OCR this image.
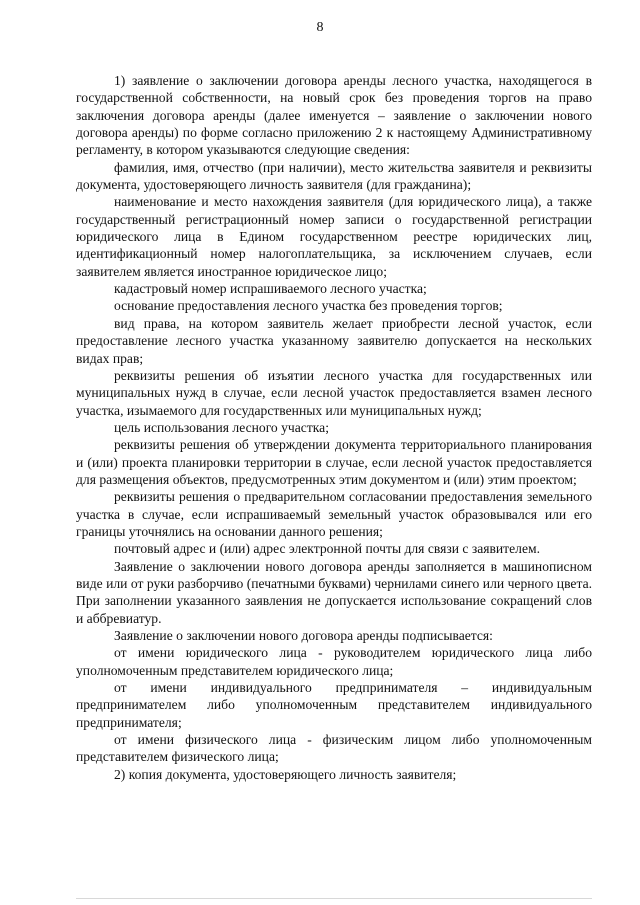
8

1) заявление о заключении договора аренды лесного участка, находящегося в государственной собственности, на новый срок без проведения торгов на право заключения договора аренды (далее именуется – заявление о заключении нового договора аренды) по форме согласно приложению 2 к настоящему Административному регламенту, в котором указываются следующие сведения:

фамилия, имя, отчество (при наличии), место жительства заявителя и реквизиты документа, удостоверяющего личность заявителя (для гражданина);

наименование и место нахождения заявителя (для юридического лица), а также государственный регистрационный номер записи о государственной регистрации юридического лица в Едином государственном реестре юридических лиц, идентификационный номер налогоплательщика, за исключением случаев, если заявителем является иностранное юридическое лицо;

кадастровый номер испрашиваемого лесного участка;

основание предоставления лесного участка без проведения торгов;

вид права, на котором заявитель желает приобрести лесной участок, если предоставление лесного участка указанному заявителю допускается на нескольких видах прав;

реквизиты решения об изъятии лесного участка для государственных или муниципальных нужд в случае, если лесной участок предоставляется взамен лесного участка, изымаемого для государственных или муниципальных нужд;

цель использования лесного участка;

реквизиты решения об утверждении документа территориального планирования и (или) проекта планировки территории в случае, если лесной участок предоставляется для размещения объектов, предусмотренных этим документом и (или) этим проектом;

реквизиты решения о предварительном согласовании предоставления земельного участка в случае, если испрашиваемый земельный участок образовывался или его границы уточнялись на основании данного решения;

почтовый адрес и (или) адрес электронной почты для связи с заявителем.

Заявление о заключении нового договора аренды заполняется в машинописном виде или от руки разборчиво (печатными буквами) чернилами синего или черного цвета. При заполнении указанного заявления не допускается использование сокращений слов и аббревиатур.

Заявление о заключении нового договора аренды подписывается:

от имени юридического лица - руководителем юридического лица либо уполномоченным представителем юридического лица;

от имени индивидуального предпринимателя – индивидуальным предпринимателем либо уполномоченным представителем индивидуального предпринимателя;

от имени физического лица - физическим лицом либо уполномоченным представителем физического лица;

2) копия документа, удостоверяющего личность заявителя;
